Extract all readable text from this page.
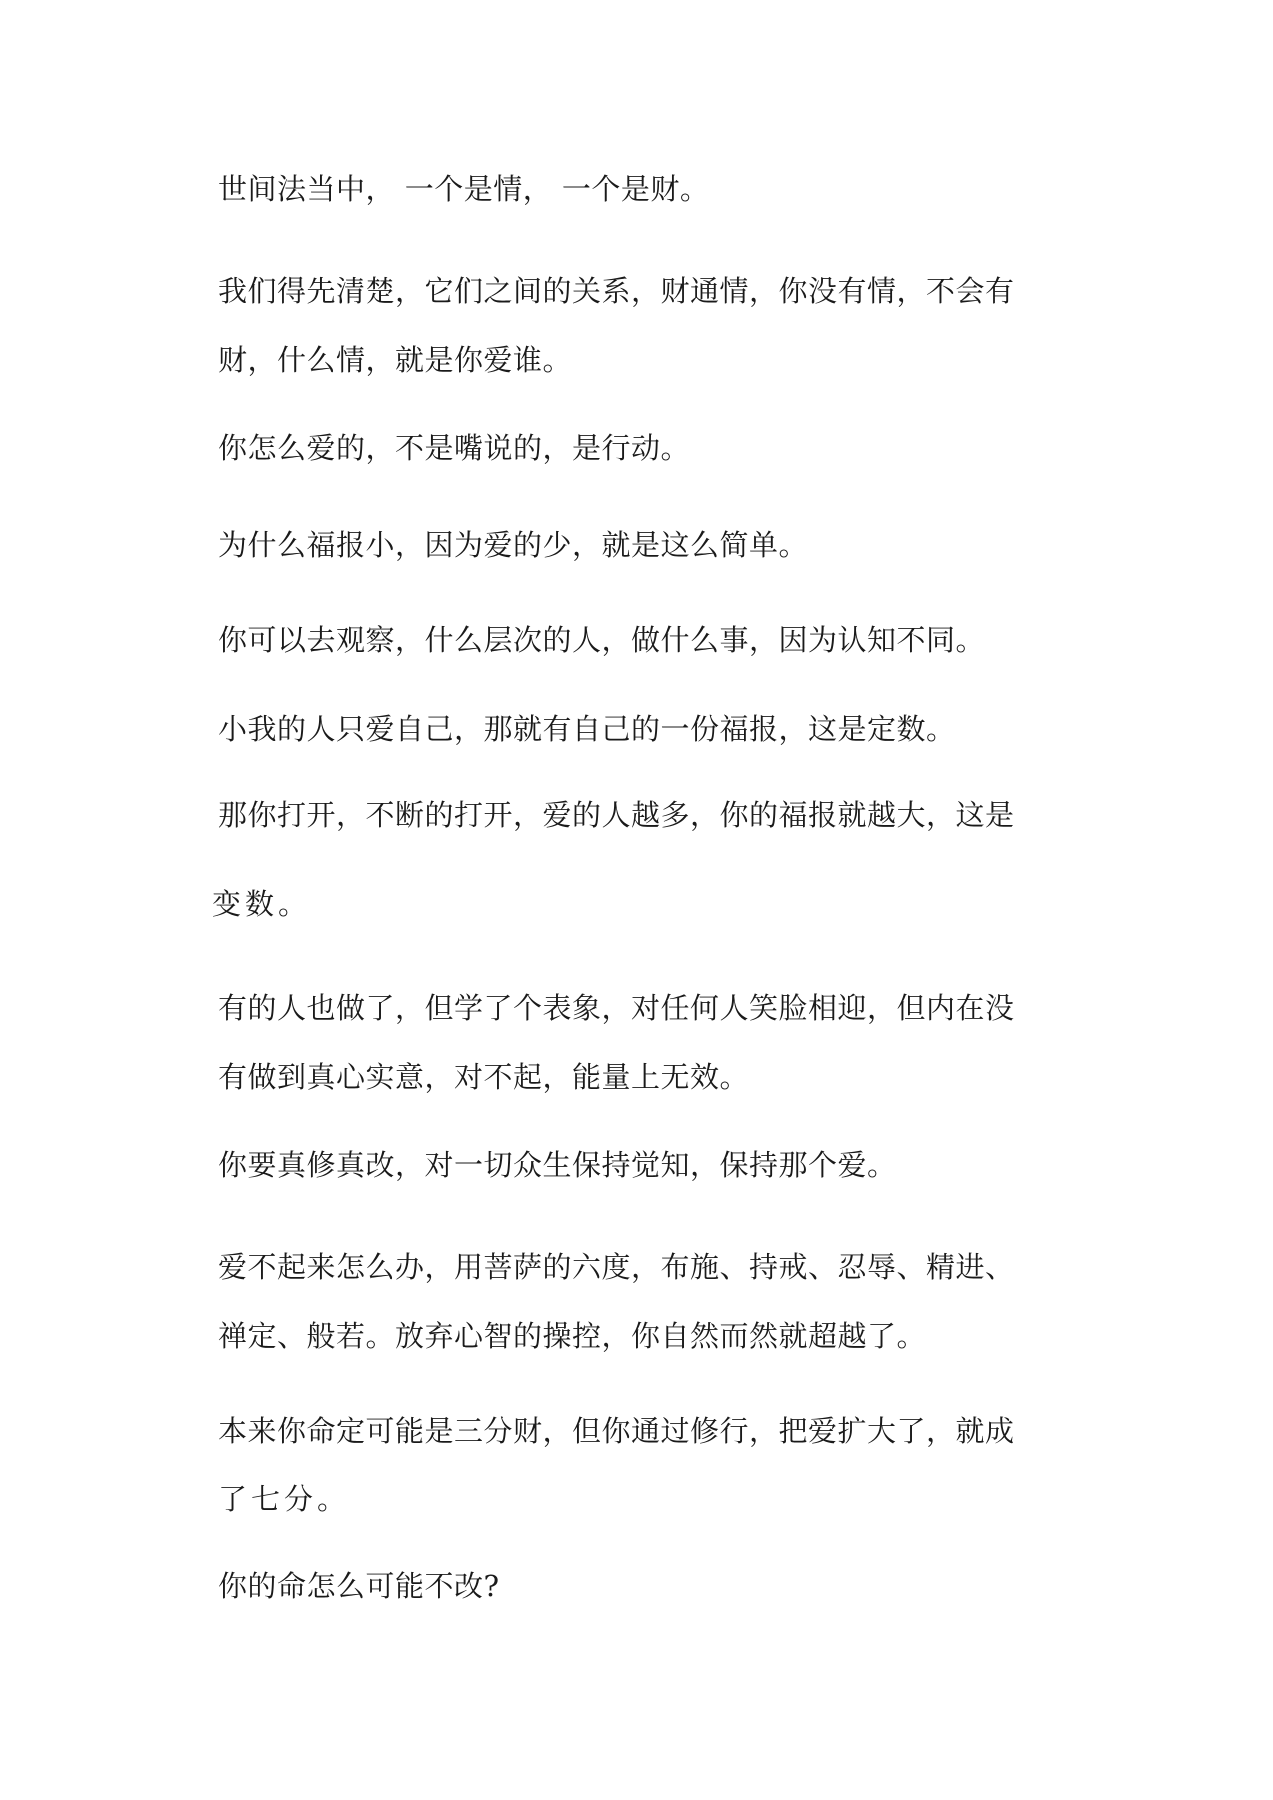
世间法当中， 一个是情， 一个是财。

我们得先清楚，它们之间的关系，财通情，你没有情，不会有

财，什么情，就是你爱谁。

你怎么爱的，不是嘴说的，是行动。

为什么福报小，因为爱的少，就是这么简单。

你可以去观察，什么层次的人，做什么事，因为认知不同。

小我的人只爱自己，那就有自己的一份福报，这是定数。

那你打开，不断的打开，爱的人越多，你的福报就越大，这是

变数。

有的人也做了，但学了个表象，对任何人笑脸相迎，但内在没

有做到真心实意，对不起，能量上无效。

你要真修真改，对一切众生保持觉知，保持那个爱。

爱不起来怎么办，用菩萨的六度，布施、持戒、忍辱、精进、

禅定、般若。放弃心智的操控，你自然而然就超越了。

本来你命定可能是三分财，但你通过修行，把爱扩大了，就成

了七分。

你的命怎么可能不改?
